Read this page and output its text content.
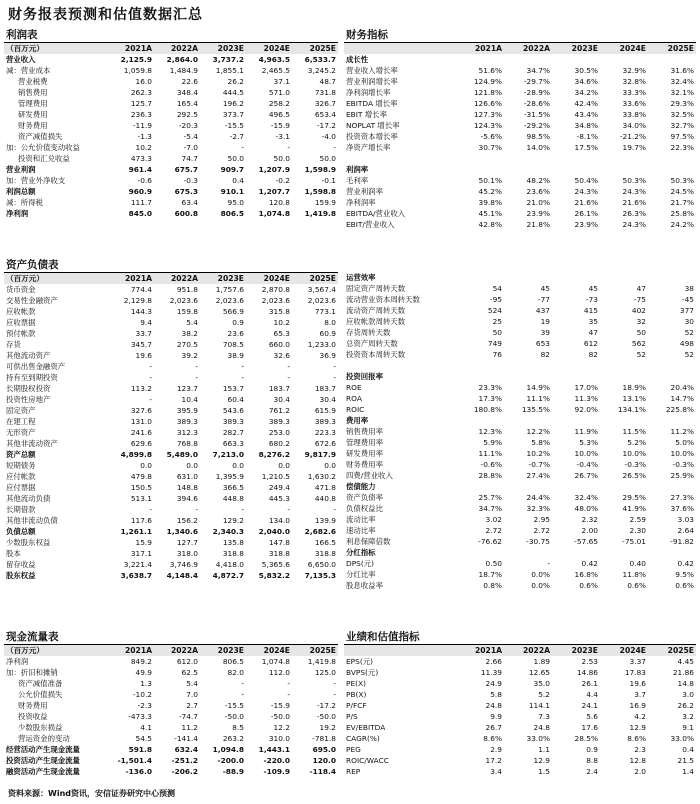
财务报表预测和估值数据汇总
利润表
（百万元）	2021A	2022A	2023E	2024E	2025E
营业收入	2,125.9	2,864.0	3,737.2	4,963.5	6,533.7
减：营业成本	1,059.8	1,484.9	1,855.1	2,465.5	3,245.2
营业税费	16.0	22.6	26.2	37.1	48.7
销售费用	262.3	348.4	444.5	571.0	731.8
管理费用	125.7	165.4	196.2	258.2	326.7
研发费用	236.3	292.5	373.7	496.5	653.4
财务费用	-11.9	-20.3	-15.5	-15.9	-17.2
资产减值损失	-1.3	-5.4	-2.7	-3.1	-4.0
加：公允价值变动收益	10.2	-7.0	-	-	-
投资和汇兑收益	473.3	74.7	50.0	50.0	50.0
营业利润	961.4	675.7	909.7	1,207.9	1,598.9
加：营业外净收支	-0.6	-0.3	0.4	-0.2	-0.1
利润总额	960.9	675.3	910.1	1,207.7	1,598.8
减：所得税	111.7	63.4	95.0	120.8	159.9
净利润	845.0	600.8	806.5	1,074.8	1,419.8
资产负债表
（百万元）	2021A	2022A	2023E	2024E	2025E
货币资金	774.4	951.8	1,757.6	2,870.8	3,567.4
交易性金融资产	2,129.8	2,023.6	2,023.6	2,023.6	2,023.6
应收帐款	144.3	159.8	566.9	315.8	773.1
应收票据	9.4	5.4	0.9	10.2	8.0
预付帐款	33.7	38.2	23.6	65.3	60.9
存货	345.7	270.5	708.5	660.0	1,233.0
其他流动资产	19.6	39.2	38.9	32.6	36.9
可供出售金融资产	-	-	-	-	-
持有至到期投资	-	-	-	-	-
长期股权投资	113.2	123.7	153.7	183.7	183.7
投资性房地产	-	10.4	60.4	30.4	30.4
固定资产	327.6	395.9	543.6	761.2	615.9
在建工程	131.0	389.3	389.3	389.3	389.3
无形资产	241.6	312.3	282.7	253.0	223.3
其他非流动资产	629.6	768.8	663.3	680.2	672.6
资产总额	4,899.8	5,489.0	7,213.0	8,276.2	9,817.9
短期债务	0.0	0.0	0.0	0.0	0.0
应付帐款	479.8	631.0	1,395.9	1,210.5	1,630.2
应付票据	150.5	148.8	366.5	249.4	471.8
其他流动负债	513.1	394.6	448.8	445.3	440.8
长期借款	-	-	-	-	-
其他非流动负债	117.6	156.2	129.2	134.0	139.9
负债总额	1,261.1	1,340.6	2,340.3	2,040.0	2,682.6
少数股东权益	15.9	127.7	135.8	147.8	166.5
股本	317.1	318.0	318.8	318.8	318.8
留存收益	3,221.4	3,746.9	4,418.0	5,365.6	6,650.0
股东权益	3,638.7	4,148.4	4,872.7	5,832.2	7,135.3
现金流量表
（百万元）	2021A	2022A	2023E	2024E	2025E
净利润	849.2	612.0	806.5	1,074.8	1,419.8
加：折旧和摊销	49.9	62.5	82.0	112.0	125.0
资产减值准备	1.3	5.4	-	-	-
公允价值损失	-10.2	7.0	-	-	-
财务费用	-2.3	2.7	-15.5	-15.9	-17.2
投资收益	-473.3	-74.7	-50.0	-50.0	-50.0
少数股东损益	4.1	11.2	8.5	12.2	19.2
营运资金的变动	54.5	-141.4	263.2	310.0	-781.8
经营活动产生现金流量	591.8	632.4	1,094.8	1,443.1	695.0
投资活动产生现金流量	-1,501.4	-251.2	-200.0	-220.0	120.0
融资活动产生现金流量	-136.0	-206.2	-88.9	-109.9	-118.4
财务指标
	2021A	2022A	2023E	2024E	2025E
成长性					
营业收入增长率	51.6%	34.7%	30.5%	32.9%	31.6%
营业利润增长率	124.9%	-29.7%	34.6%	32.8%	32.4%
净利润增长率	121.8%	-28.9%	34.2%	33.3%	32.1%
EBITDA 增长率	126.6%	-28.6%	42.4%	33.6%	29.3%
EBIT 增长率	127.3%	-31.5%	43.4%	33.8%	32.5%
NOPLAT 增长率	124.3%	-29.2%	34.8%	34.0%	32.7%
投资资本增长率	-5.6%	98.5%	-8.1%	-21.2%	97.5%
净资产增长率	30.7%	14.0%	17.5%	19.7%	22.3%

利润率					
毛利率	50.1%	48.2%	50.4%	50.3%	50.3%
营业利润率	45.2%	23.6%	24.3%	24.3%	24.5%
净利润率	39.8%	21.0%	21.6%	21.6%	21.7%
EBITDA/营业收入	45.1%	23.9%	26.1%	26.3%	25.8%
EBIT/营业收入	42.8%	21.8%	23.9%	24.3%	24.2%
运营效率					
固定资产周转天数	54	45	45	47	38
流动营业资本周转天数	-95	-77	-73	-75	-45
流动资产周转天数	524	437	415	402	377
应收帐款周转天数	25	19	35	32	30
存货周转天数	50	39	47	50	52
总资产周转天数	749	653	612	562	498
投资资本周转天数	76	82	82	52	52

投资回报率					
ROE	23.3%	14.9%	17.0%	18.9%	20.4%
ROA	17.3%	11.1%	11.3%	13.1%	14.7%
ROIC	180.8%	135.5%	92.0%	134.1%	225.8%
费用率					
销售费用率	12.3%	12.2%	11.9%	11.5%	11.2%
管理费用率	5.9%	5.8%	5.3%	5.2%	5.0%
研发费用率	11.1%	10.2%	10.0%	10.0%	10.0%
财务费用率	-0.6%	-0.7%	-0.4%	-0.3%	-0.3%
四费/营业收入	28.8%	27.4%	26.7%	26.5%	25.9%
偿债能力					
资产负债率	25.7%	24.4%	32.4%	29.5%	27.3%
负债权益比	34.7%	32.3%	48.0%	41.9%	37.6%
流动比率	3.02	2.95	2.32	2.59	3.03
速动比率	2.72	2.72	2.00	2.30	2.64
利息保障倍数	-76.62	-30.75	-57.65	-75.01	-91.82
分红指标					
DPS(元)	0.50	-	0.42	0.40	0.42
分红比率	18.7%	0.0%	16.8%	11.8%	9.5%
股息收益率	0.8%	0.0%	0.6%	0.6%	0.6%
业绩和估值指标
	2021A	2022A	2023E	2024E	2025E
EPS(元)	2.66	1.89	2.53	3.37	4.45
BVPS(元)	11.39	12.65	14.86	17.83	21.86
PE(X)	24.9	35.0	26.1	19.6	14.8
PB(X)	5.8	5.2	4.4	3.7	3.0
P/FCF	24.8	114.1	24.1	16.9	26.2
P/S	9.9	7.3	5.6	4.2	3.2
EV/EBITDA	26.7	24.8	17.6	12.9	9.1
CAGR(%)	8.6%	33.0%	28.5%	8.6%	33.0%
PEG	2.9	1.1	0.9	2.3	0.4
ROIC/WACC	17.2	12.9	8.8	12.8	21.5
REP	3.4	1.5	2.4	2.0	1.4
资料来源：Wind资讯，安信证券研究中心预测
